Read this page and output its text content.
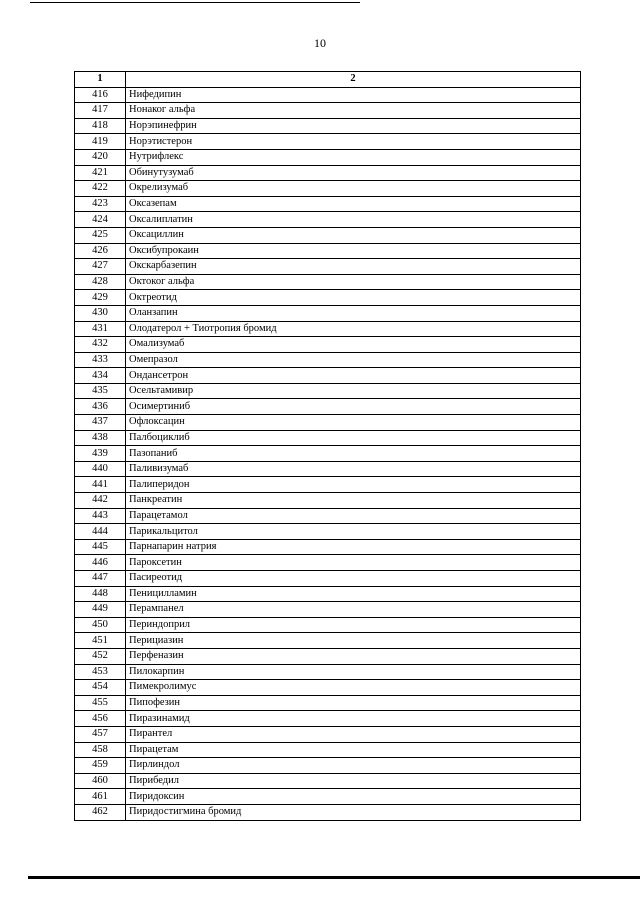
10
1	2
416	Нифедипин
417	Нонаког альфа
418	Норэпинефрин
419	Норэтистерон
420	Нутрифлекс
421	Обинутузумаб
422	Окрелизумаб
423	Оксазепам
424	Оксалиплатин
425	Оксациллин
426	Оксибупрокаин
427	Окскарбазепин
428	Октоког альфа
429	Октреотид
430	Оланзапин
431	Олодатерол + Тиотропия бромид
432	Омализумаб
433	Омепразол
434	Ондансетрон
435	Осельтамивир
436	Осимертиниб
437	Офлоксацин
438	Палбоциклиб
439	Пазопаниб
440	Паливизумаб
441	Палиперидон
442	Панкреатин
443	Парацетамол
444	Парикальцитол
445	Парнапарин натрия
446	Пароксетин
447	Пасиреотид
448	Пеницилламин
449	Перампанел
450	Периндоприл
451	Перициазин
452	Перфеназин
453	Пилокарпин
454	Пимекролимус
455	Пипофезин
456	Пиразинамид
457	Пирантел
458	Пирацетам
459	Пирлиндол
460	Пирибедил
461	Пиридоксин
462	Пиридостигмина бромид
